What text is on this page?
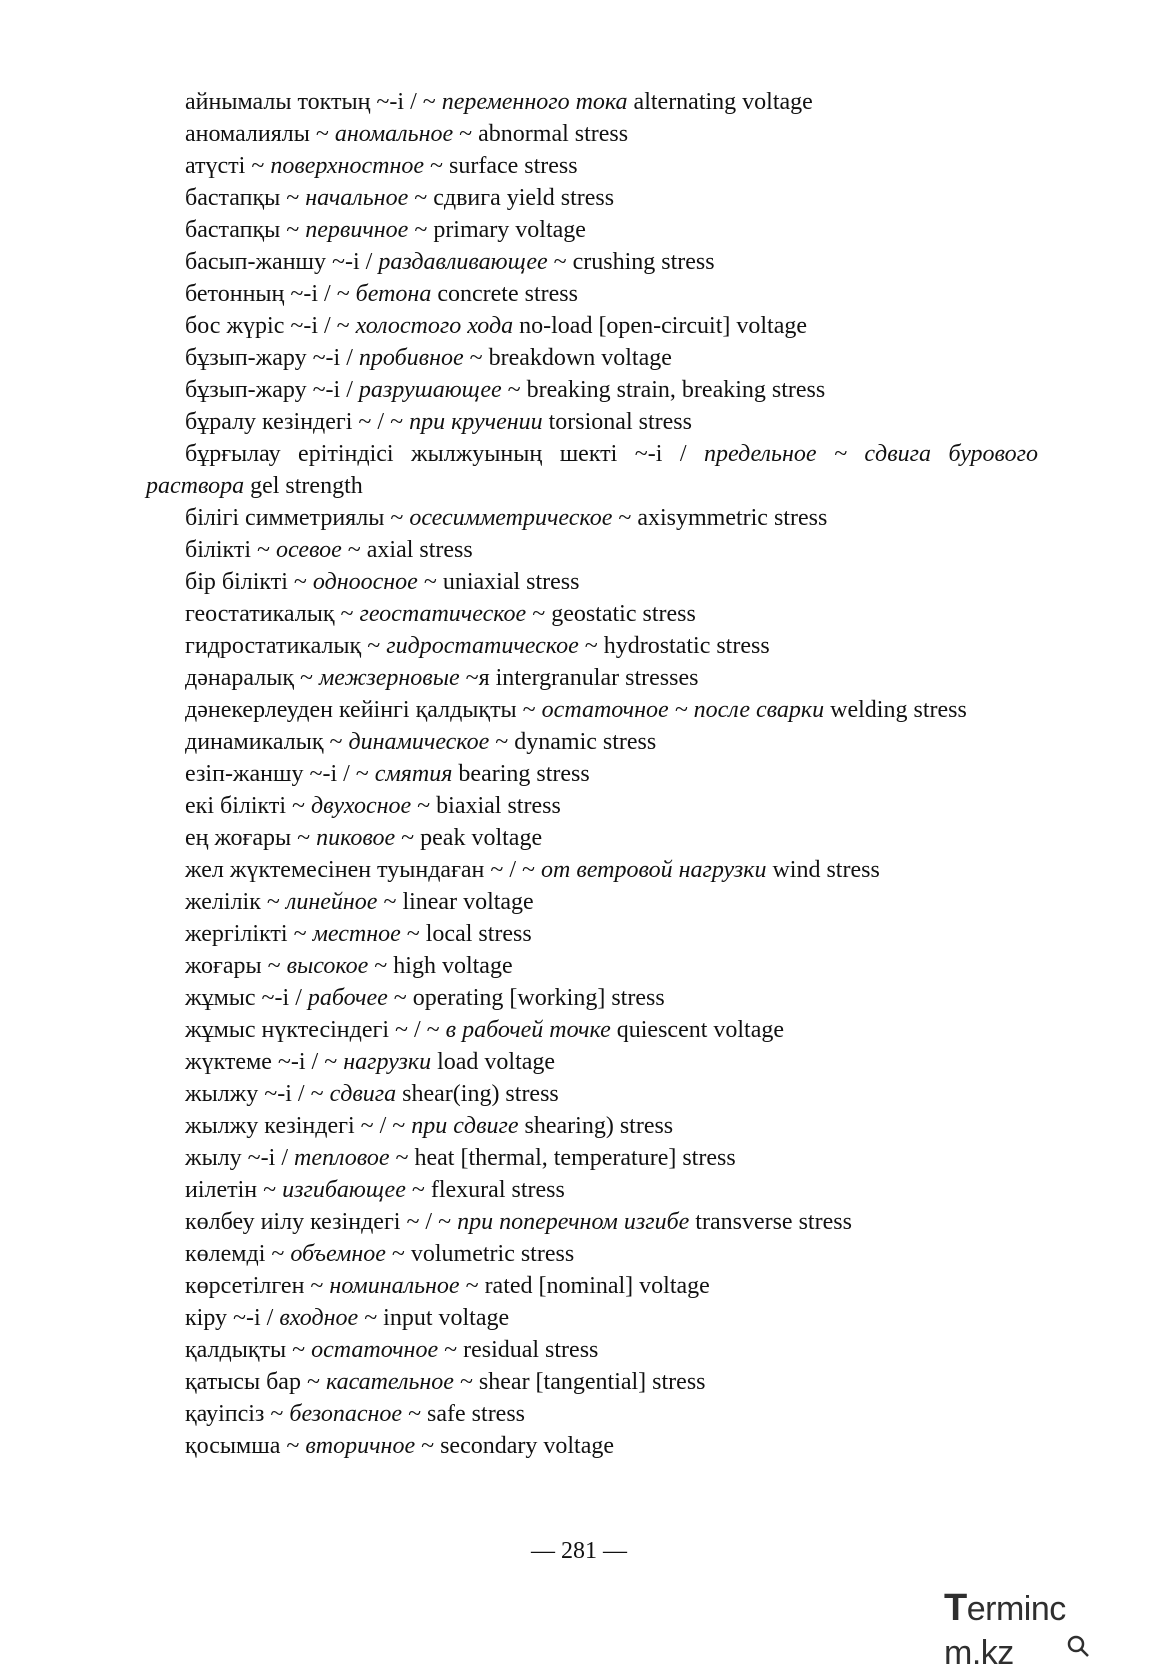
айнымалы токтың ~-і / ~ переменного тока alternating voltage
аномалиялы ~ аномальное ~ abnormal stress
атүсті ~ поверхностное ~ surface stress
бастапқы ~ начальное ~ сдвига yield stress
бастапқы ~ первичное ~ primary voltage
басып-жаншу ~-і / раздавливающее ~ crushing stress
бетонның ~-і / ~ бетона concrete stress
бос жүріс ~-і / ~ холостого хода no-load [open-circuit] voltage
бұзып-жару ~-і / пробивное ~ breakdown voltage
бұзып-жару ~-і / разрушающее ~ breaking strain, breaking stress
бұралу кезіндегі ~ / ~ при кручении torsional stress
бұрғылау ерітіндісі жылжуының шекті ~-і / предельное ~ сдвига бурового раствора gel strength
білігі симметриялы ~ осесимметрическое ~ axisymmetric stress
білікті ~ осевое ~ axial stress
бір білікті ~ одноосное ~ uniaxial stress
геостатикалық ~ геостатическое ~ geostatic stress
гидростатикалық ~ гидростатическое ~ hydrostatic stress
дәнаралық ~ межзерновые ~я intergranular stresses
дәнекерлеуден кейінгі қалдықты ~ остаточное ~ после сварки welding stress
динамикалық ~ динамическое ~ dynamic stress
езіп-жаншу ~-і / ~ смятия bearing stress
екі білікті ~ двухосное ~ biaxial stress
ең жоғары ~ пиковое ~ peak voltage
жел жүктемесінен туындаған ~ / ~ от ветровой нагрузки wind stress
желілік ~ линейное ~ linear voltage
жергілікті ~ местное ~ local stress
жоғары ~ высокое ~ high voltage
жұмыс ~-і / рабочее ~ operating [working] stress
жұмыс нүктесіндегі ~ / ~ в рабочей точке quiescent voltage
жүктеме ~-і / ~ нагрузки load voltage
жылжу ~-і / ~ сдвига shear(ing) stress
жылжу кезіндегі ~ / ~ при сдвиге shearing) stress
жылу ~-і / тепловое ~ heat [thermal, temperature] stress
иілетін ~ изгибающее ~ flexural stress
көлбеу иілу кезіндегі ~ / ~ при поперечном изгибе transverse stress
көлемді ~ объемное ~ volumetric stress
көрсетілген ~ номинальное ~ rated [nominal] voltage
кіру ~-і / входное ~ input voltage
қалдықты ~ остаточное ~ residual stress
қатысы бар ~ касательное ~ shear [tangential] stress
қауіпсіз ~ безопасное ~ safe stress
қосымша ~ вторичное ~ secondary voltage
— 281 —
Terminc
m.kz
